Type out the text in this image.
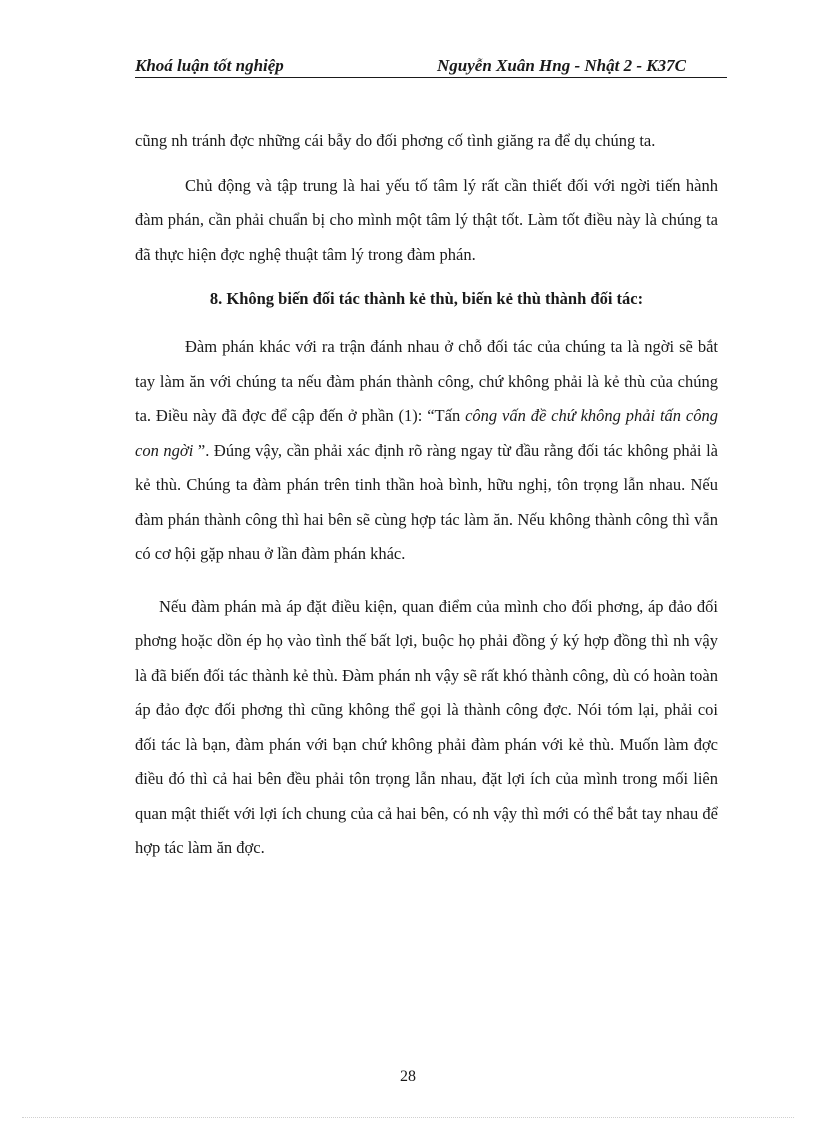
Khoá luận tốt nghiệp	Nguyễn Xuân Hng - Nhật 2 - K37C

cũng nh tránh đợc những cái bẫy do đối phơng cố tình giăng ra để dụ chúng ta.

Chủ động và tập trung là hai yếu tố tâm lý rất cần thiết đối với ngời tiến hành đàm phán, cần phải chuẩn bị cho mình một tâm lý thật tốt. Làm tốt điều này là chúng ta đã thực hiện đợc nghệ thuật tâm lý trong đàm phán.

8. Không biến đối tác thành kẻ thù, biến kẻ thù thành đối tác:

Đàm phán khác với ra trận đánh nhau ở chỗ đối tác của chúng ta là ngời sẽ bắt tay làm ăn với chúng ta nếu đàm phán thành công, chứ không phải là kẻ thù của chúng ta. Điều này đã đợc để cập đến ở phần (1): “Tấn công vấn đề chứ không phải tấn công con ngời ”. Đúng vậy, cần phải xác định rõ ràng ngay từ đầu rằng đối tác không phải là kẻ thù. Chúng ta đàm phán trên tinh thần hoà bình, hữu nghị, tôn trọng lẫn nhau. Nếu đàm phán thành công thì hai bên sẽ cùng hợp tác làm ăn. Nếu không thành công thì vẫn có cơ hội gặp nhau ở lần đàm phán khác.

Nếu đàm phán mà áp đặt điều kiện, quan điểm của mình cho đối phơng, áp đảo đối phơng hoặc dồn ép họ vào tình thế bất lợi, buộc họ phải đồng ý ký hợp đồng thì nh vậy là đã biến đối tác thành kẻ thù. Đàm phán nh vậy sẽ rất khó thành công, dù có hoàn toàn áp đảo đợc đối phơng thì cũng không thể gọi là thành công đợc. Nói tóm lại, phải coi đối tác là bạn, đàm phán với bạn chứ không phải đàm phán với kẻ thù. Muốn làm đợc điều đó thì cả hai bên đều phải tôn trọng lẫn nhau, đặt lợi ích của mình trong mối liên quan mật thiết với lợi ích chung của cả hai bên, có nh vậy thì mới có thể bắt tay nhau để hợp tác làm ăn đợc.

28
